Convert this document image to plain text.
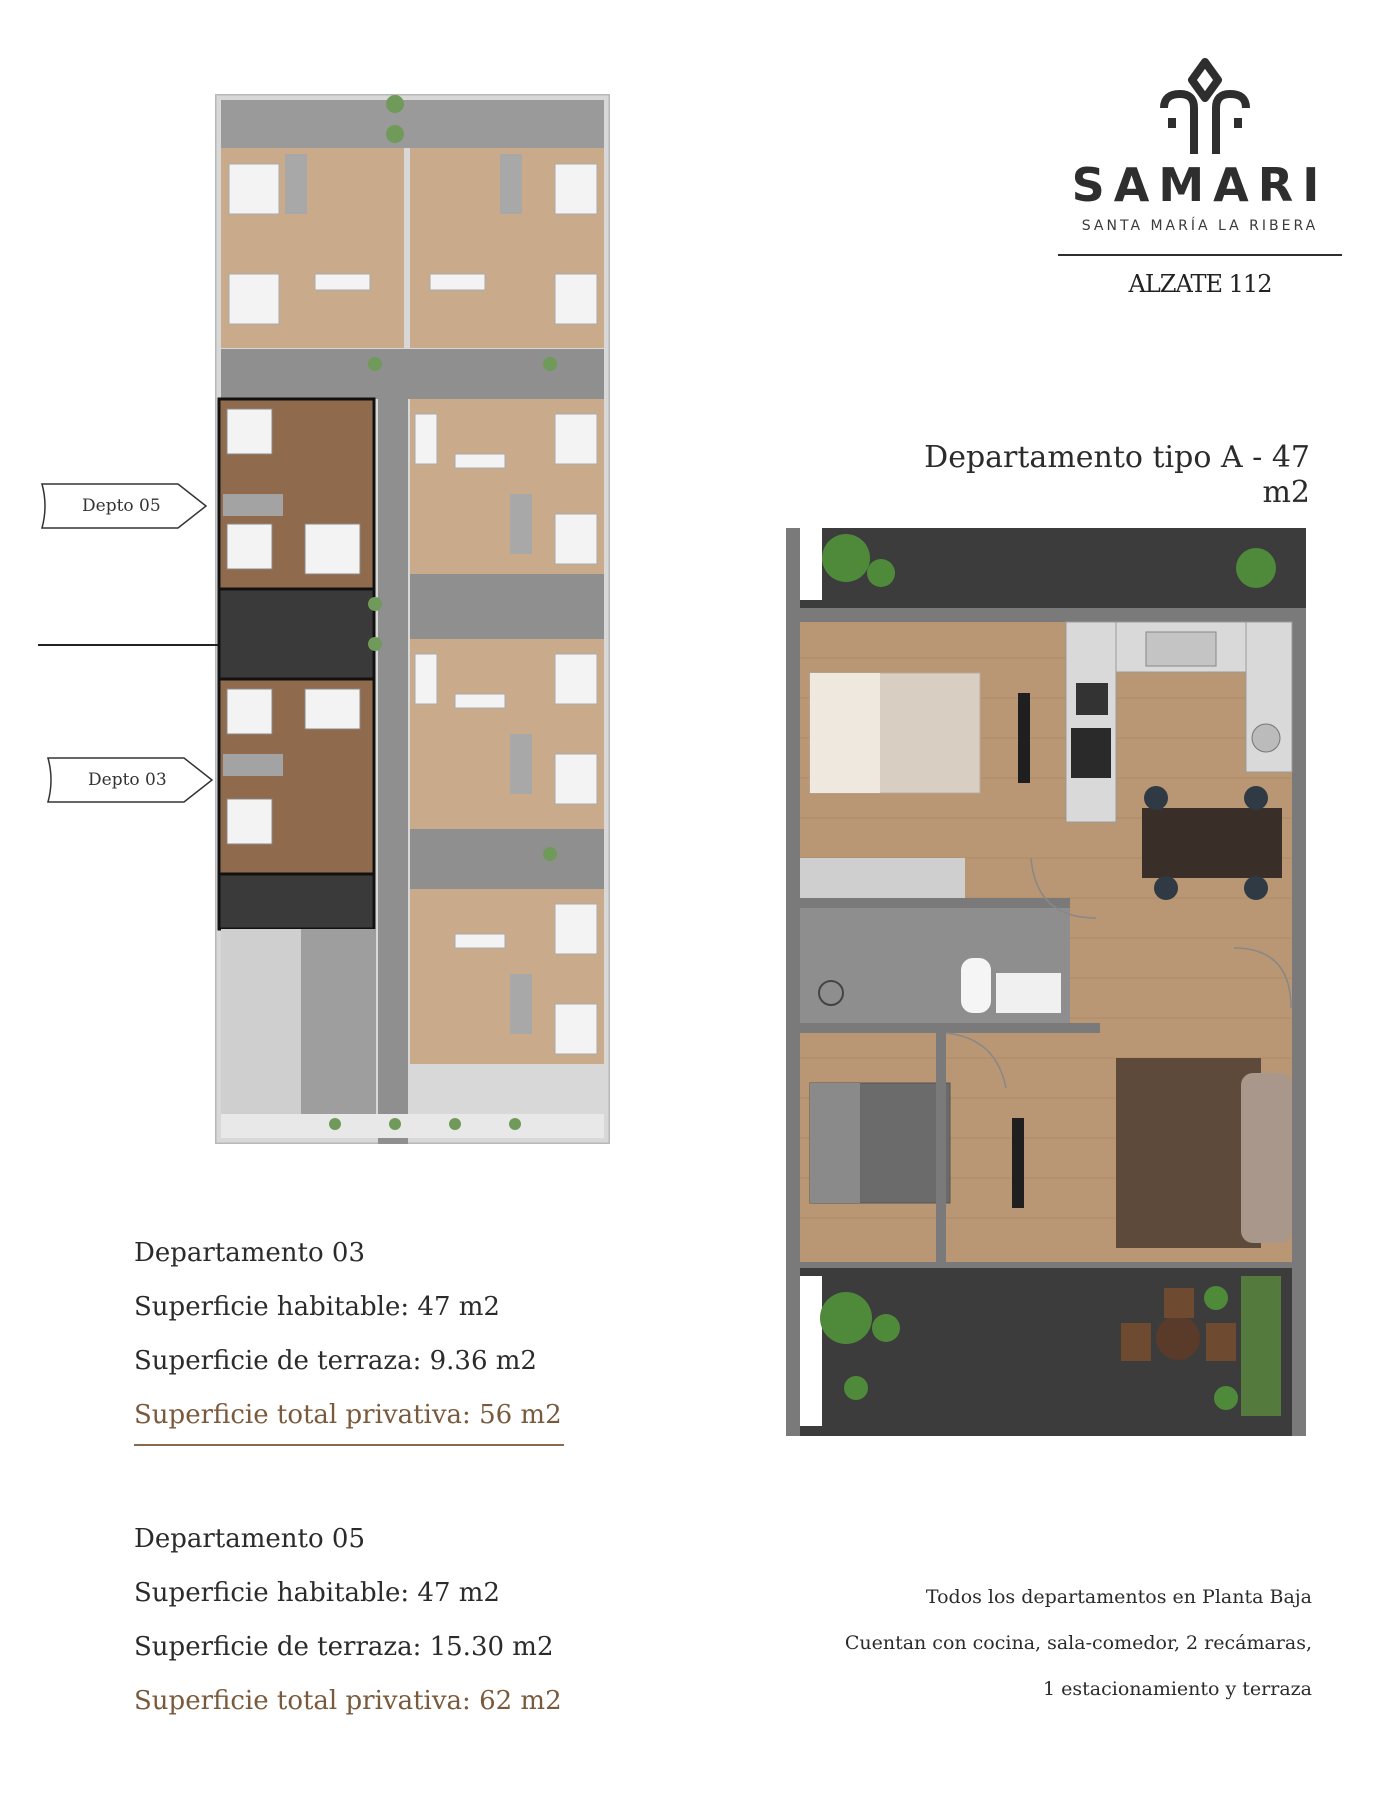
SAMARI
SANTA MARÍA LA RIBERA
ALZATE 112
Departamento tipo A - 47 m2
Depto 05
Depto 03
Departamento 03
Superficie habitable: 47 m2
Superficie de terraza: 9.36 m2
Superficie total privativa: 56 m2
Departamento 05
Superficie habitable: 47 m2
Superficie de terraza: 15.30 m2
Superficie total privativa: 62 m2
Todos los departamentos en Planta Baja
Cuentan con cocina, sala-comedor, 2 recámaras,
1 estacionamiento y terraza
